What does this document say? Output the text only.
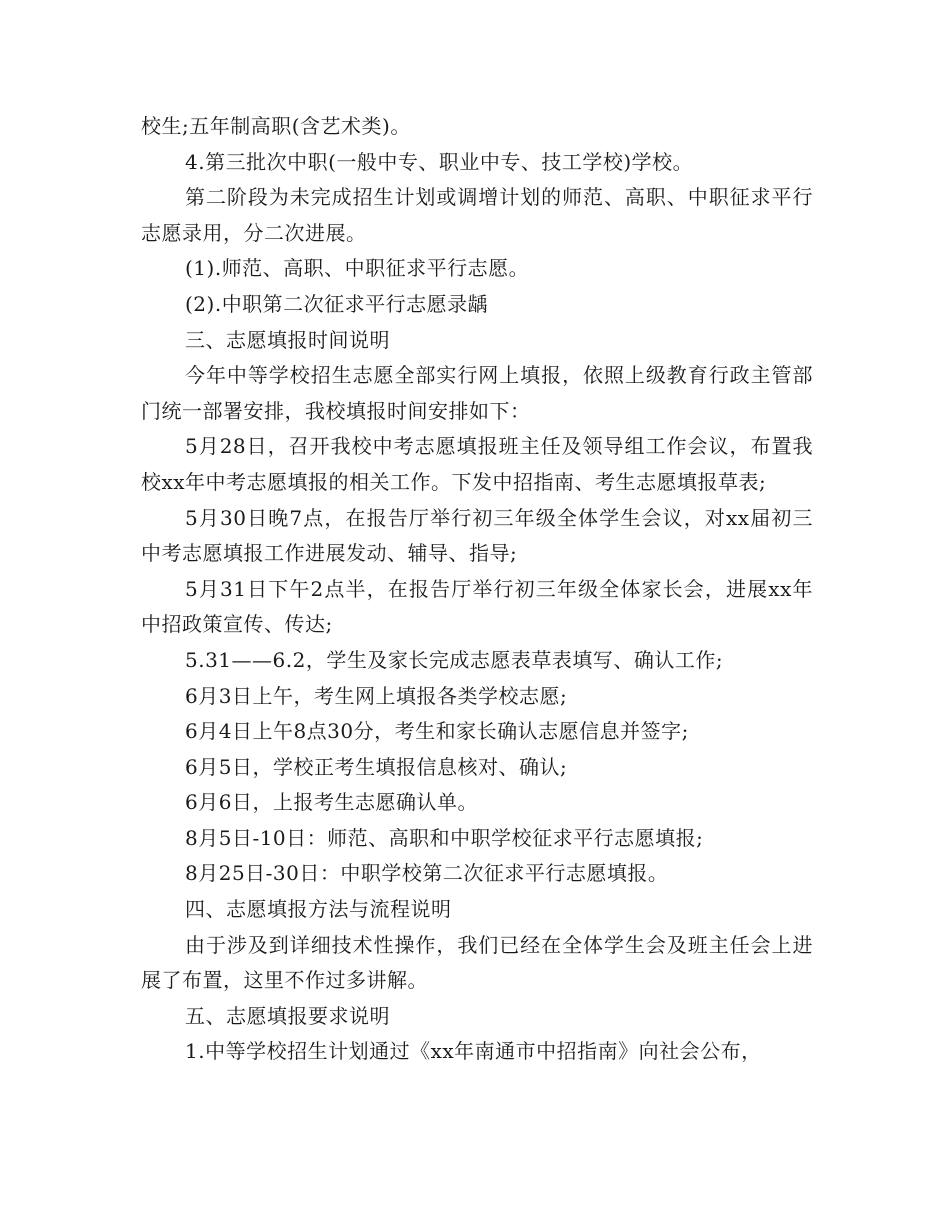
校生;五年制高职(含艺术类)。

4.第三批次中职(一般中专、职业中专、技工学校)学校。

第二阶段为未完成招生计划或调增计划的师范、高职、中职征求平行志愿录用，分二次进展。

(1).师范、高职、中职征求平行志愿。

(2).中职第二次征求平行志愿录龋

三、志愿填报时间说明

今年中等学校招生志愿全部实行网上填报，依照上级教育行政主管部门统一部署安排，我校填报时间安排如下：

5月28日，召开我校中考志愿填报班主任及领导组工作会议，布置我校xx年中考志愿填报的相关工作。下发中招指南、考生志愿填报草表;

5月30日晚7点，在报告厅举行初三年级全体学生会议，对xx届初三中考志愿填报工作进展发动、辅导、指导;

5月31日下午2点半，在报告厅举行初三年级全体家长会，进展xx年中招政策宣传、传达;

5.31——6.2，学生及家长完成志愿表草表填写、确认工作;

6月3日上午，考生网上填报各类学校志愿;

6月4日上午8点30分，考生和家长确认志愿信息并签字;

6月5日，学校正考生填报信息核对、确认;

6月6日，上报考生志愿确认单。

8月5日-10日：师范、高职和中职学校征求平行志愿填报;

8月25日-30日：中职学校第二次征求平行志愿填报。

四、志愿填报方法与流程说明

由于涉及到详细技术性操作，我们已经在全体学生会及班主任会上进展了布置，这里不作过多讲解。

五、志愿填报要求说明

1.中等学校招生计划通过《xx年南通市中招指南》向社会公布，
